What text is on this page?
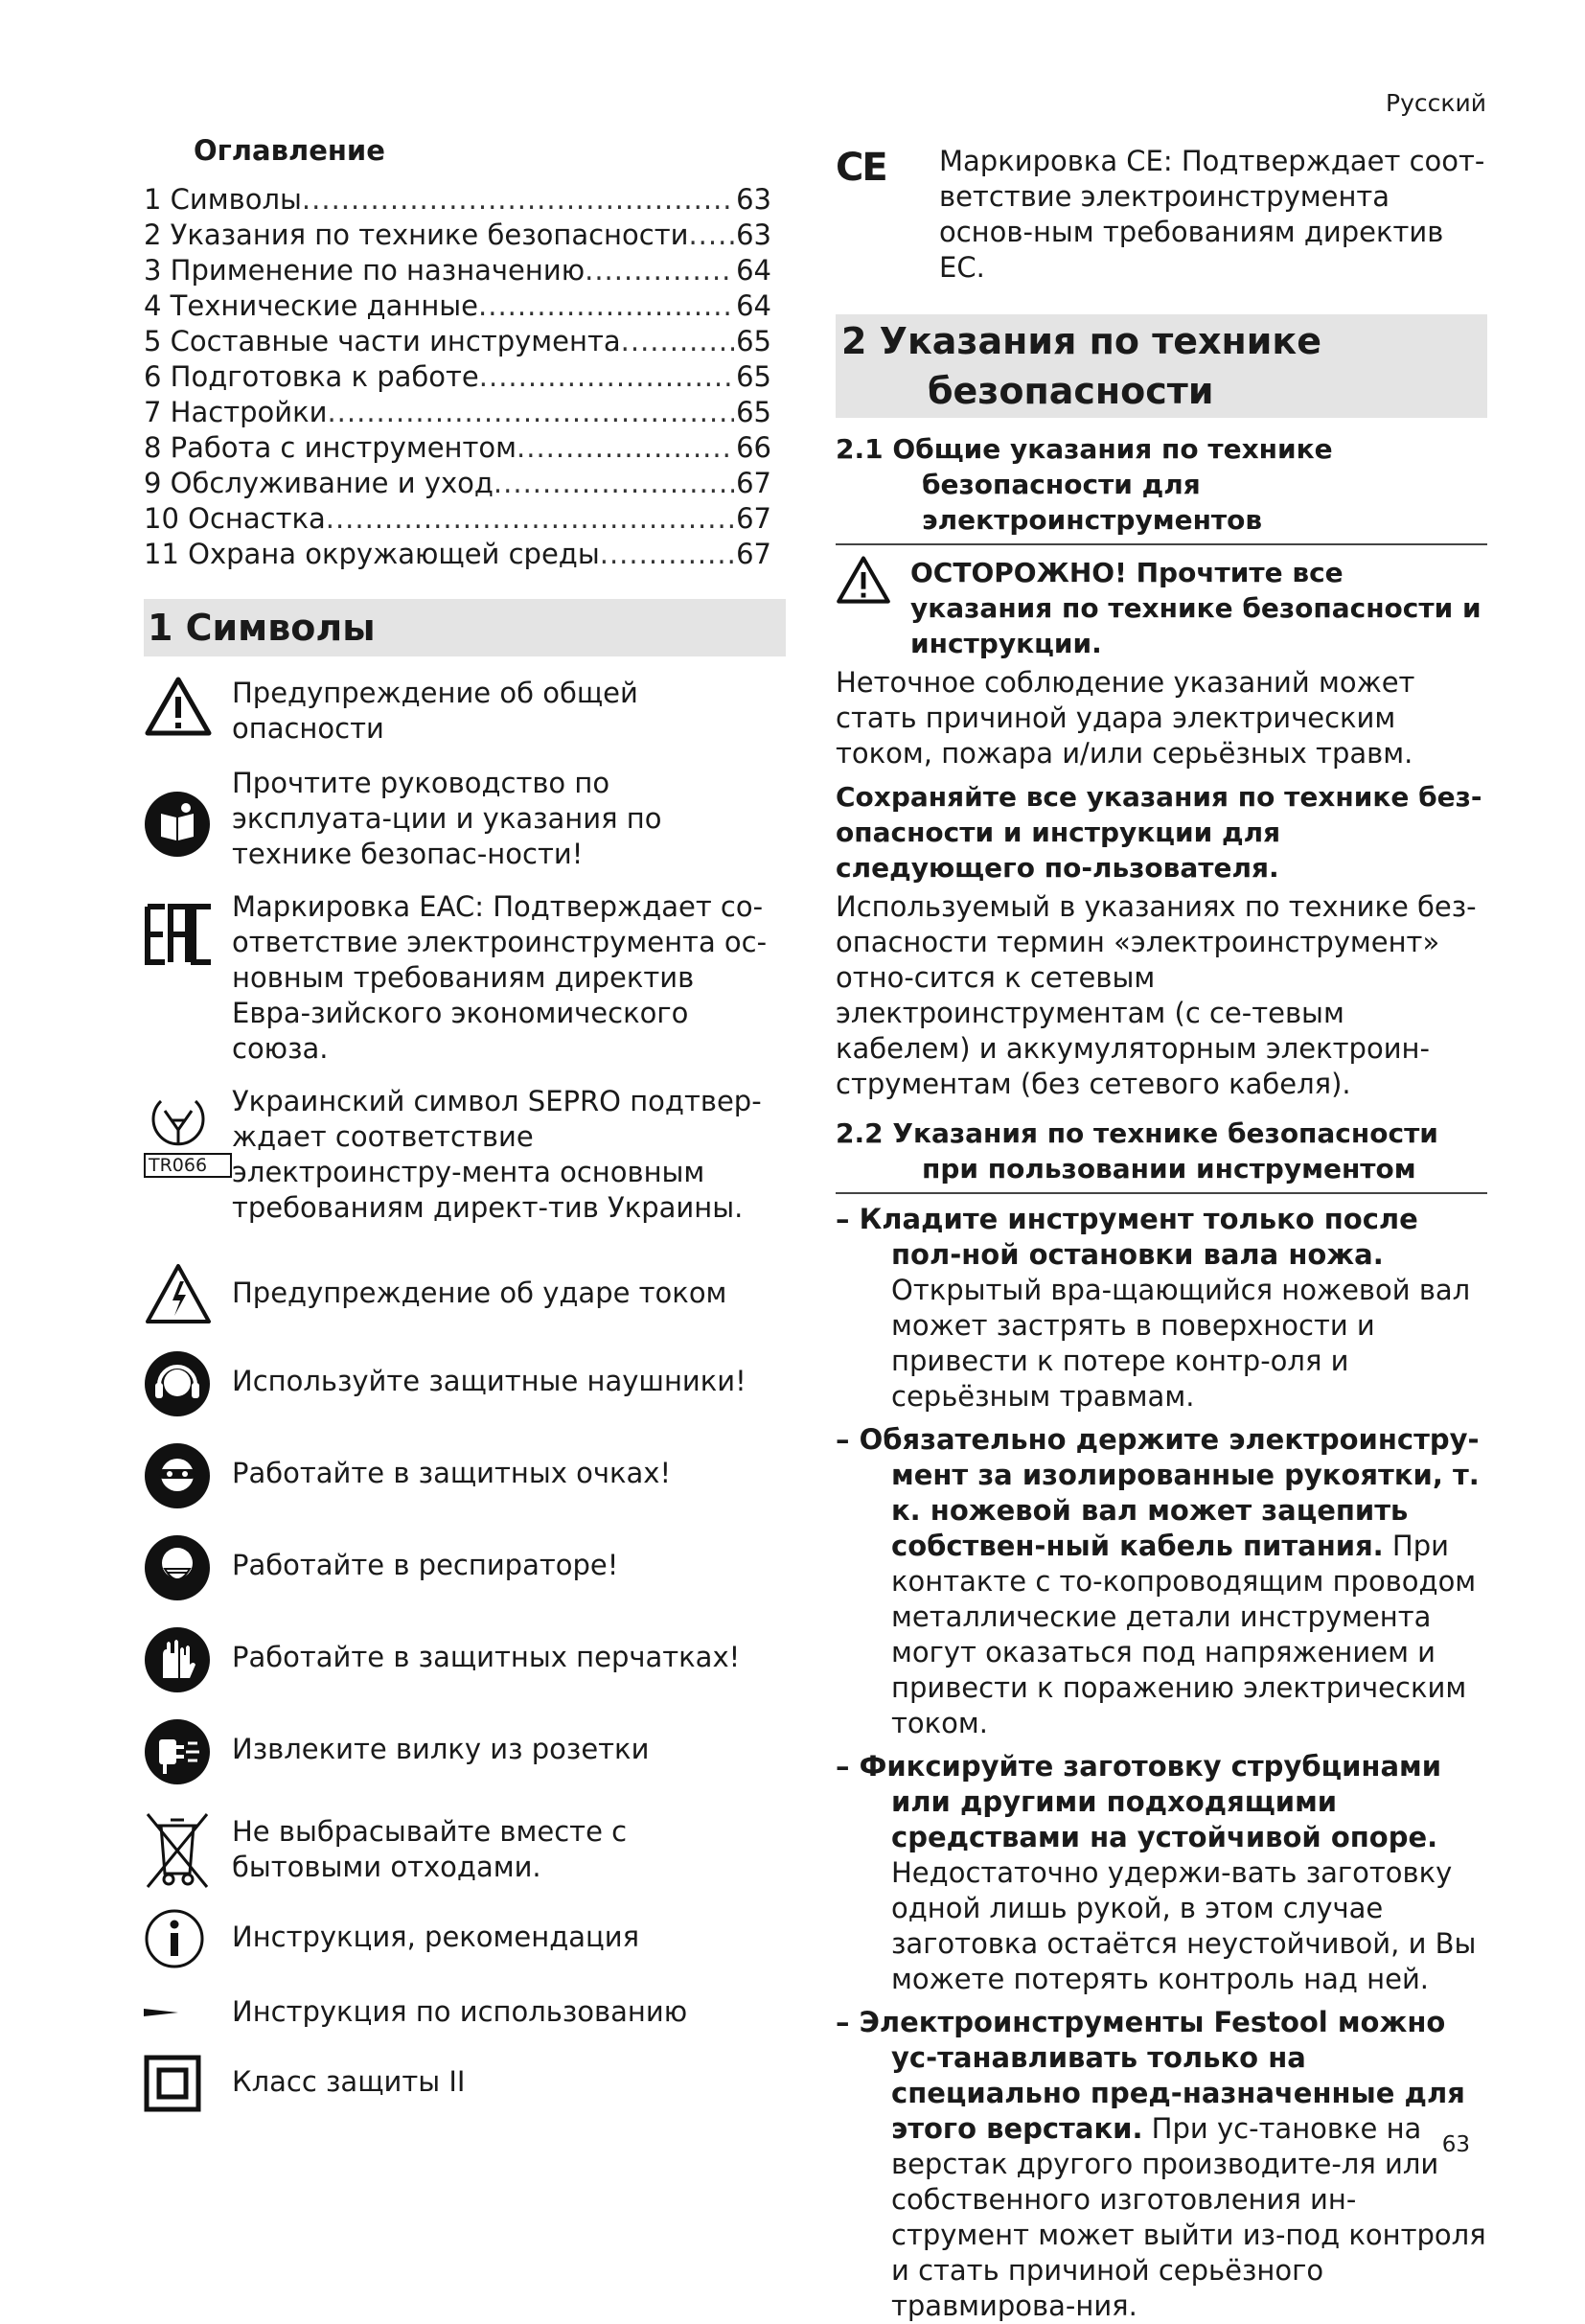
Русский
Оглавление
1 Символы .....	63
2 Указания по технике безопасности ..... 63
3 Применение по назначению .....	64
4 Технические данные .....	64
5 Составные части инструмента .....	65
6 Подготовка к работе .....	65
7 Настройки .....	65
8 Работа с инструментом .....	66
9 Обслуживание и уход .....	67
10 Оснастка .....	67
11 Охрана окружающей среды .....	67
1 Символы
Предупреждение об общей опасности
Прочтите руководство по эксплуата-ции и указания по технике безопас-ности!
Маркировка EAC: Подтверждает со-ответствие электроинструмента ос-новным требованиям директив Евра-зийского экономического союза.
TR066
Украинский символ SEPRO подтвер-ждает соответствие электроинстру-мента основным требованиям директ-тив Украины.
Предупреждение об ударе током
Используйте защитные наушники!
Работайте в защитных очках!
Работайте в респираторе!
Работайте в защитных перчатках!
Извлеките вилку из розетки
Не выбрасывайте вместе с бытовыми отходами.
Инструкция, рекомендация
Инструкция по использованию
Класс защиты II
CE	Маркировка CE: Подтверждает соот-ветствие электроинструмента основ-ным требованиям директив ЕС.
2 Указания по технике
безопасности
2.1 Общие указания по технике
безопасности для
электроинструментов
ОСТОРОЖНО! Прочтите все указания по технике безопасности и инструкции.

Неточное соблюдение указаний может стать причиной удара электрическим током, пожара и/или серьёзных травм.

Сохраняйте все указания по технике без-опасности и инструкции для следующего по-льзователя.

Используемый в указаниях по технике без-опасности термин «электроинструмент» отно-сится к сетевым электроинструментам (с се-тевым кабелем) и аккумуляторным электроин-струментам (без сетевого кабеля).

2.2 Указания по технике безопасности
при пользовании инструментом
– Кладите инструмент только после пол-ной остановки вала ножа. Открытый вра-щающийся ножевой вал может застрять в поверхности и привести к потере контр-оля и серьёзным травмам.
– Обязательно держите электроинстру-мент за изолированные рукоятки, т. к. ножевой вал может зацепить собствен-ный кабель питания. При контакте с то-копроводящим проводом металлические детали инструмента могут оказаться под напряжением и привести к поражению электрическим током.
– Фиксируйте заготовку струбцинами или другими подходящими средствами на устойчивой опоре. Недостаточно удержи-вать заготовку одной лишь рукой, в этом случае заготовка остаётся неустойчивой, и Вы можете потерять контроль над ней.
– Электроинструменты Festool можно ус-танавливать только на специально пред-назначенные для этого верстаки. При ус-тановке на верстак другого производите-ля или собственного изготовления ин-струмент может выйти из-под контроля и стать причиной серьёзного травмирова-ния.
63
